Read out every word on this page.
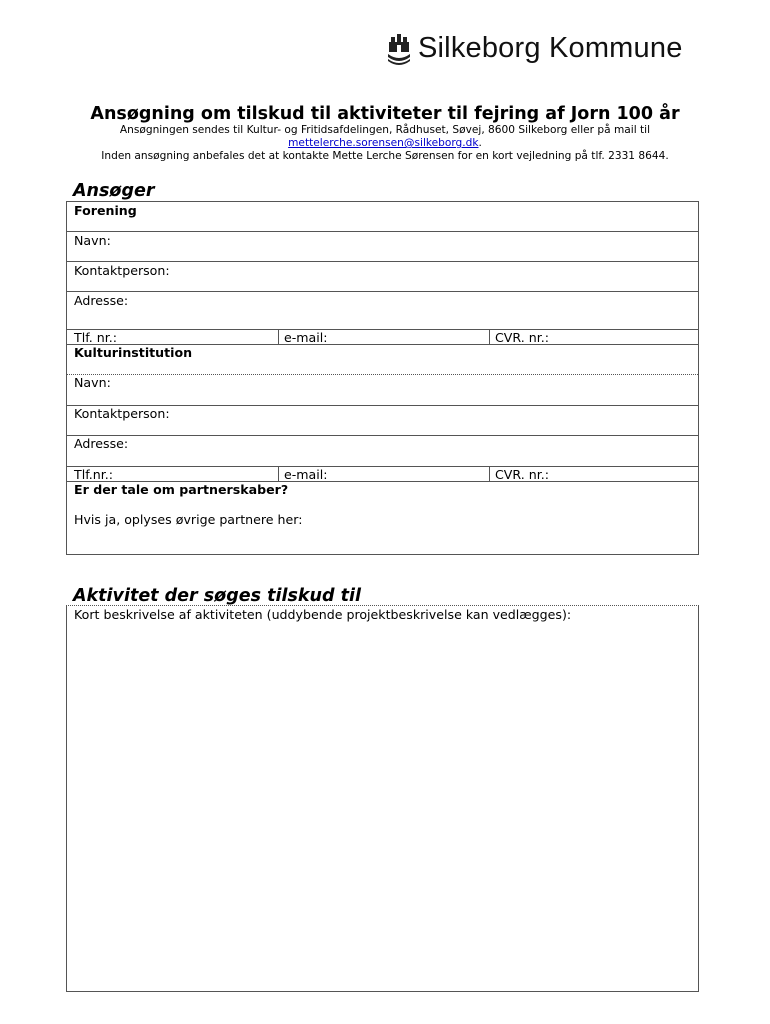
Silkeborg Kommune
Ansøgning om tilskud til aktiviteter til fejring af Jorn 100 år
Ansøgningen sendes til Kultur- og Fritidsafdelingen, Rådhuset, Søvej, 8600 Silkeborg eller på mail til
mettelerche.sorensen@silkeborg.dk.
Inden ansøgning anbefales det at kontakte Mette Lerche Sørensen for en kort vejledning på tlf. 2331 8644.
Ansøger
Forening
Navn:
Kontaktperson:
Adresse:
Tlf. nr.:	e-mail:	CVR. nr.:
Kulturinstitution
Navn:
Kontaktperson:
Adresse:
Tlf.nr.:	e-mail:	CVR. nr.:
Er der tale om partnerskaber?
Hvis ja, oplyses øvrige partnere her:
Aktivitet der søges tilskud til
Kort beskrivelse af aktiviteten (uddybende projektbeskrivelse kan vedlægges):
